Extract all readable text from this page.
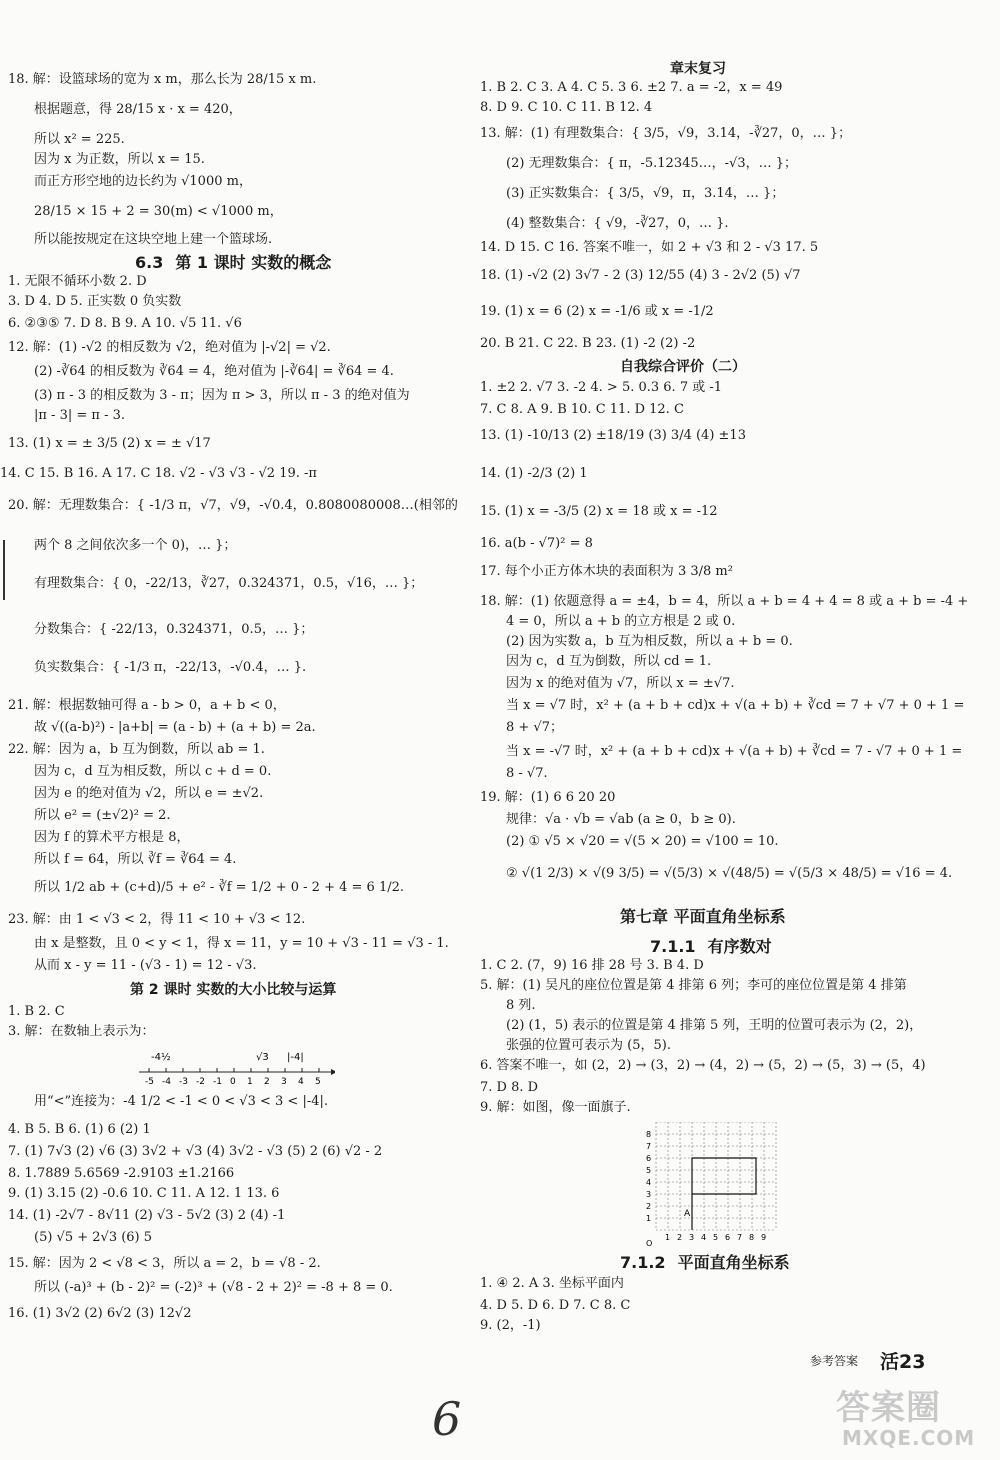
18. 解：设篮球场的宽为 x m，那么长为 28/15 x m.
根据题意，得 28/15 x · x = 420，
所以 x² = 225.
因为 x 为正数，所以 x = 15.
而正方形空地的边长约为 √1000 m，
28/15 × 15 + 2 = 30(m) < √1000 m，
所以能按规定在这块空地上建一个篮球场.
6.3 第 1 课时 实数的概念
1. 无限不循环小数 2. D
3. D 4. D 5. 正实数 0 负实数
6. ②③⑤ 7. D 8. B 9. A 10. √5 11. √6
12. 解：(1) -√2 的相反数为 √2，绝对值为 |-√2| = √2.
(2) -∛64 的相反数为 ∛64 = 4，绝对值为 |-∛64| = ∛64 = 4.
(3) π - 3 的相反数为 3 - π；因为 π > 3，所以 π - 3 的绝对值为
|π - 3| = π - 3.
13. (1) x = ± 3/5 (2) x = ± √17
14. C 15. B 16. A 17. C 18. √2 - √3 √3 - √2 19. -π
20. 解：无理数集合：{ -1/3 π，√7，√9，-√0.4，0.8080080008…(相邻的
两个 8 之间依次多一个 0)，… }；
有理数集合：{ 0，-22/13，∛27，0.324371，0.5，√16，… }；
分数集合：{ -22/13，0.324371，0.5，… }；
负实数集合：{ -1/3 π，-22/13，-√0.4，… }.
21. 解：根据数轴可得 a - b > 0，a + b < 0，
故 √((a-b)²) - |a+b| = (a - b) + (a + b) = 2a.
22. 解：因为 a，b 互为倒数，所以 ab = 1.
因为 c，d 互为相反数，所以 c + d = 0.
因为 e 的绝对值为 √2，所以 e = ±√2.
所以 e² = (±√2)² = 2.
因为 f 的算术平方根是 8，
所以 f = 64，所以 ∛f = ∛64 = 4.
所以 1/2 ab + (c+d)/5 + e² - ∛f = 1/2 + 0 - 2 + 4 = 6 1/2.
23. 解：由 1 < √3 < 2，得 11 < 10 + √3 < 12.
由 x 是整数，且 0 < y < 1，得 x = 11，y = 10 + √3 - 11 = √3 - 1.
从而 x - y = 11 - (√3 - 1) = 12 - √3.
第 2 课时 实数的大小比较与运算
1. B 2. C
3. 解：在数轴上表示为：
-5 -4 -3 -2 -1 0 1 2 3 4 5
-4½	√3 |-4|
用“<”连接为：-4 1/2 < -1 < 0 < √3 < 3 < |-4|.
4. B 5. B 6. (1) 6 (2) 1
7. (1) 7√3 (2) √6 (3) 3√2 + √3 (4) 3√2 - √3 (5) 2 (6) √2 - 2
8. 1.7889 5.6569 -2.9103 ±1.2166
9. (1) 3.15 (2) -0.6 10. C 11. A 12. 1 13. 6
14. (1) -2√7 - 8√11 (2) √3 - 5√2 (3) 2 (4) -1
(5) √5 + 2√3 (6) 5
15. 解：因为 2 < √8 < 3，所以 a = 2，b = √8 - 2.
所以 (-a)³ + (b - 2)² = (-2)³ + (√8 - 2 + 2)² = -8 + 8 = 0.
16. (1) 3√2 (2) 6√2 (3) 12√2
章末复习
1. B 2. C 3. A 4. C 5. 3 6. ±2 7. a = -2，x = 49
8. D 9. C 10. C 11. B 12. 4
13. 解：(1) 有理数集合：{ 3/5，√9，3.14，-∛27，0，… }；
(2) 无理数集合：{ π，-5.12345…，-√3，… }；
(3) 正实数集合：{ 3/5，√9，π，3.14，… }；
(4) 整数集合：{ √9，-∛27，0，… }.
14. D 15. C 16. 答案不唯一，如 2 + √3 和 2 - √3 17. 5
18. (1) -√2 (2) 3√7 - 2 (3) 12/55 (4) 3 - 2√2 (5) √7
19. (1) x = 6 (2) x = -1/6 或 x = -1/2
20. B 21. C 22. B 23. (1) -2 (2) -2
自我综合评价（二）
1. ±2 2. √7 3. -2 4. > 5. 0.3 6. 7 或 -1
7. C 8. A 9. B 10. C 11. D 12. C
13. (1) -10/13 (2) ±18/19 (3) 3/4 (4) ±13
14. (1) -2/3 (2) 1
15. (1) x = -3/5 (2) x = 18 或 x = -12
16. a(b - √7)² = 8
17. 每个小正方体木块的表面积为 3 3/8 m²
18. 解：(1) 依题意得 a = ±4，b = 4，所以 a + b = 4 + 4 = 8 或 a + b = -4 +
4 = 0，所以 a + b 的立方根是 2 或 0.
(2) 因为实数 a，b 互为相反数，所以 a + b = 0.
因为 c，d 互为倒数，所以 cd = 1.
因为 x 的绝对值为 √7，所以 x = ±√7.
当 x = √7 时，x² + (a + b + cd)x + √(a + b) + ∛cd = 7 + √7 + 0 + 1 =
8 + √7；
当 x = -√7 时，x² + (a + b + cd)x + √(a + b) + ∛cd = 7 - √7 + 0 + 1 =
8 - √7.
19. 解：(1) 6 6 20 20
规律：√a · √b = √ab (a ≥ 0，b ≥ 0).
(2) ① √5 × √20 = √(5 × 20) = √100 = 10.
② √(1 2/3) × √(9 3/5) = √(5/3) × √(48/5) = √(5/3 × 48/5) = √16 = 4.
第七章 平面直角坐标系
7.1.1 有序数对
1. C 2. (7，9) 16 排 28 号 3. B 4. D
5. 解：(1) 吴凡的座位位置是第 4 排第 6 列；李可的座位位置是第 4 排第
8 列.
(2) (1，5) 表示的位置是第 4 排第 5 列，王明的位置可表示为 (2，2)，
张强的位置可表示为 (5，5).
6. 答案不唯一，如 (2，2) → (3，2) → (4，2) → (5，2) → (5，3) → (5，4)
7. D 8. D
9. 解：如图，像一面旗子.
1 2 3 4 5 6 7 8 9
1
2
3
4
5
6
7
8
O
A
7.1.2 平面直角坐标系
1. ④ 2. A 3. 坐标平面内
4. D 5. D 6. D 7. C 8. C
9. (2，-1)
参考答案 活23
6	答案圈
MXQE.COM
